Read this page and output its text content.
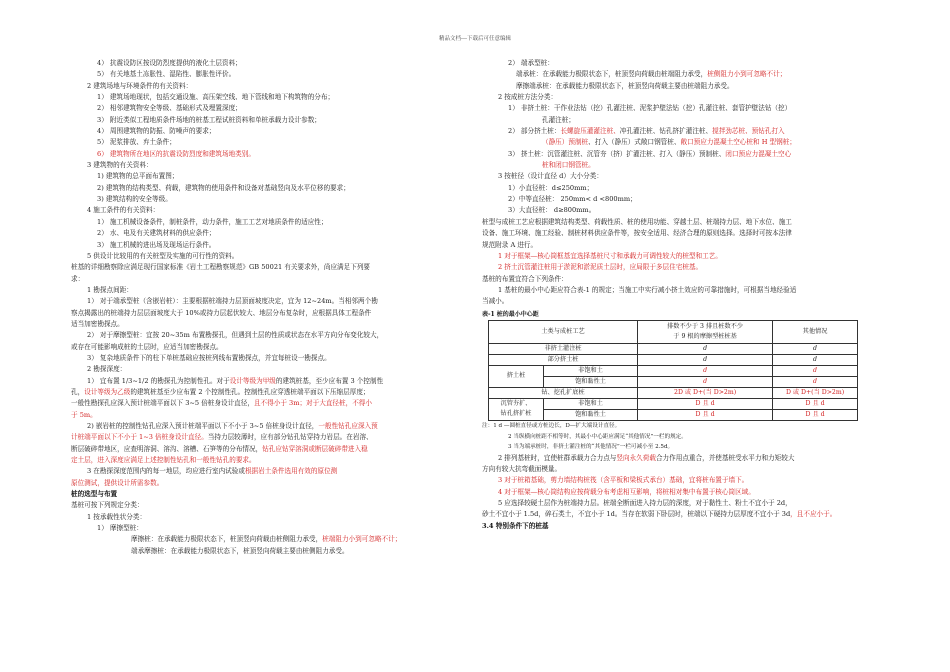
精品文档---下载后可任意编辑

4） 抗震设防区按设防烈度提供的液化土层资料；

5） 有关地基土冻胀性、湿陷性、膨胀性评价。

2 建筑场地与环境条件的有关资料：

1） 建筑场地现状，包括交通设施、高压架空线、地下管线和地下构筑物的分布；

2） 相邻建筑物安全等级、基础形式及埋置深度；

3） 附近类似工程地质条件场地的桩基工程试桩资料和单桩承载力设计参数；

4） 周围建筑物的防振、防噪声的要求；

5） 泥浆排放、弃土条件；

6） 建筑物所在地区的抗震设防烈度和建筑场地类别。

3 建筑物的有关资料：

1) 建筑物的总平面布置图；

2) 建筑物的结构类型、荷载，建筑物的使用条件和设备对基础竖向及水平位移的要求；

3) 建筑结构的安全等级。

4 施工条件的有关资料：

1） 施工机械设备条件，制桩条件，动力条件，施工工艺对地质条件的适应性；

2） 水、电及有关建筑材料的供应条件；

3） 施工机械的进出场及现场运行条件。

5 供设计比较用的有关桩型及实施的可行性的资料。

桩基的详细勘察除应满足现行国家标准《岩土工程勘察规范》GB 50021 有关要求外，尚应满足下列要

求：

1 勘探点间距：

1） 对于端承型桩（含嵌岩桩）：主要根据桩端持力层顶面坡度决定，宜为 12~24m。当相邻两个勘

察点揭露出的桩端持力层层面坡度大于 10%或持力层起伏较大、地层分布复杂时，应根据具体工程条件

适当加密勘探点。

2） 对于摩擦型桩：宜按 20~35m 布置勘探孔，但遇到土层的性质或状态在水平方向分布变化较大，

或存在可能影响成桩的土层时，应适当加密勘探点。

3） 复杂地质条件下的柱下单桩基础应按桩列线布置勘探点，并宜每桩设一勘探点。

2 勘探深度：

1） 宜布置 1/3~1/2 的勘探孔为控制性孔。对于设计等级为甲级的建筑桩基，至少应布置 3 个控制性

孔，设计等级为乙级的建筑桩基至少应布置 2 个控制性孔。控制性孔应穿透桩端平面以下压缩层厚度；

一般性勘探孔应深入预计桩端平面以下 3~5 倍桩身设计直径，且不得小于 3m；对于大直径桩，不得小

于 5m。

2) 嵌岩桩的控制性钻孔应深入预计桩端平面以下不小于 3~5 倍桩身设计直径，一般性钻孔应深入预

计桩端平面以下不小于 1~3 倍桩身设计直径。当持力层较薄时，应有部分钻孔钻穿持力岩层。在岩溶、

断层破碎带地区，应查明溶洞、溶沟、溶槽、石笋等的分布情况，钻孔应钻穿溶洞或断层破碎带进入稳

定土层，进入深度应满足上述控制性钻孔和一般性钻孔的要求。

3 在勘探深度范围内的每一地层，均应进行室内试验或根据岩土条件选用有效的原位测

原位测试，提供设计所需参数。

桩的选型与布置

基桩可按下列规定分类：

1 按承载性状分类：

1） 摩擦型桩：

摩擦桩：在承载能力极限状态下，桩顶竖向荷载由桩侧阻力承受，桩端阻力小到可忽略不计；

端承摩擦桩：在承载能力极限状态下，桩顶竖向荷载主要由桩侧阻力承受。

2） 端承型桩：

端承桩：在承载能力极限状态下，桩顶竖向荷载由桩端阻力承受，桩侧阻力小到可忽略不计；

摩擦端承桩：在承载能力极限状态下，桩顶竖向荷载主要由桩端阻力承受。

2 按成桩方法分类：

1） 非挤土桩：干作业法钻（挖）孔灌注桩、泥浆护壁法钻（挖）孔灌注桩、套管护壁法钻（挖）

孔灌注桩；

2） 部分挤土桩：长螺旋压灌灌注桩、冲孔灌注桩、钻孔挤扩灌注桩、搅拌劲芯桩、预钻孔打入

（静压）预制桩、打入（静压）式敞口钢管桩、敞口预应力混凝土空心桩和 H 型钢桩；

3） 挤土桩：沉管灌注桩、沉管夯（挤）扩灌注桩、打入（静压）预制桩、闭口预应力混凝土空心

桩和闭口钢管桩。

3 按桩径（设计直径 d）大小分类：

1）小直径桩：d≤250mm；

2）中等直径桩： 250mm< d <800mm；

3）大直径桩： d≥800mm。

桩型与成桩工艺应根据建筑结构类型、荷载性质、桩的使用功能、穿越土层、桩端持力层、地下水位、施工

设备、施工环境、施工经验、制桩材料供应条件等，按安全适用、经济合理的原则选择。选择时可按本法律

规范附录 A 进行。

1 对于框架—核心筒框基宜选择基桩尺寸和承载力可调性较大的桩型和工艺。

2 挤土沉管灌注桩用于淤泥和淤泥质土层时，应局限于多层住宅桩基。

基桩的布置宜符合下列条件：

1 基桩的最小中心距应符合表-1 的规定；当施工中实行减小挤土效应的可靠措施时，可根据当地经验适

当减小。

表-1 桩的最小中心距

土类与成桩工艺		排数不少于 3 排且桩数不少
于 9 根的摩擦型桩桩基	其他情况
非挤土灌注桩		d	d
部分挤土桩		d	d
挤土桩	非饱和土	d	d
	饱和黏性土	d	d
钻、挖孔扩底桩		2D 或 D+(当 D>2m)	D 或 D+(当 D>2m)
沉管夯扩、
钻孔挤扩桩	非饱和土	D 且 d	D 且 d
	饱和黏性土	D 且 d	D 且 d

注：1 d —圆桩直径或方桩边长，D—扩大端设计直径。

2 当纵横向桩距不相等时，其最小中心距应满足“其他情况”一栏的规定。

3 当为端承桩时，非挤土灌注桩的“其他情况”一栏可减小至 2.5d。

2 排列基桩时，宜使桩群承载力合力点与竖向永久荷载合力作用点重合，并使基桩受水平力和力矩较大

方向有较大抗弯截面模量。

3 对于桩箱基础，剪力墙结构桩筏（含平板和梁板式承台）基础，宜将桩布置于墙下。

4 对于框架—核心筒结构应按荷载分布考虑相互影响，将桩相对集中布置于核心筒区域。

5 应选择较硬土层作为桩端持力层。桩端全断面进入持力层的深度，对于黏性土、粉土不宜小于 2d，

砂土不宜小于 1.5d，碎石类土，不宜小于 1d。当存在软弱下卧层时，桩端以下硬持力层厚度不宜小于 3d，且不应小于。

3.4 特别条件下的桩基
